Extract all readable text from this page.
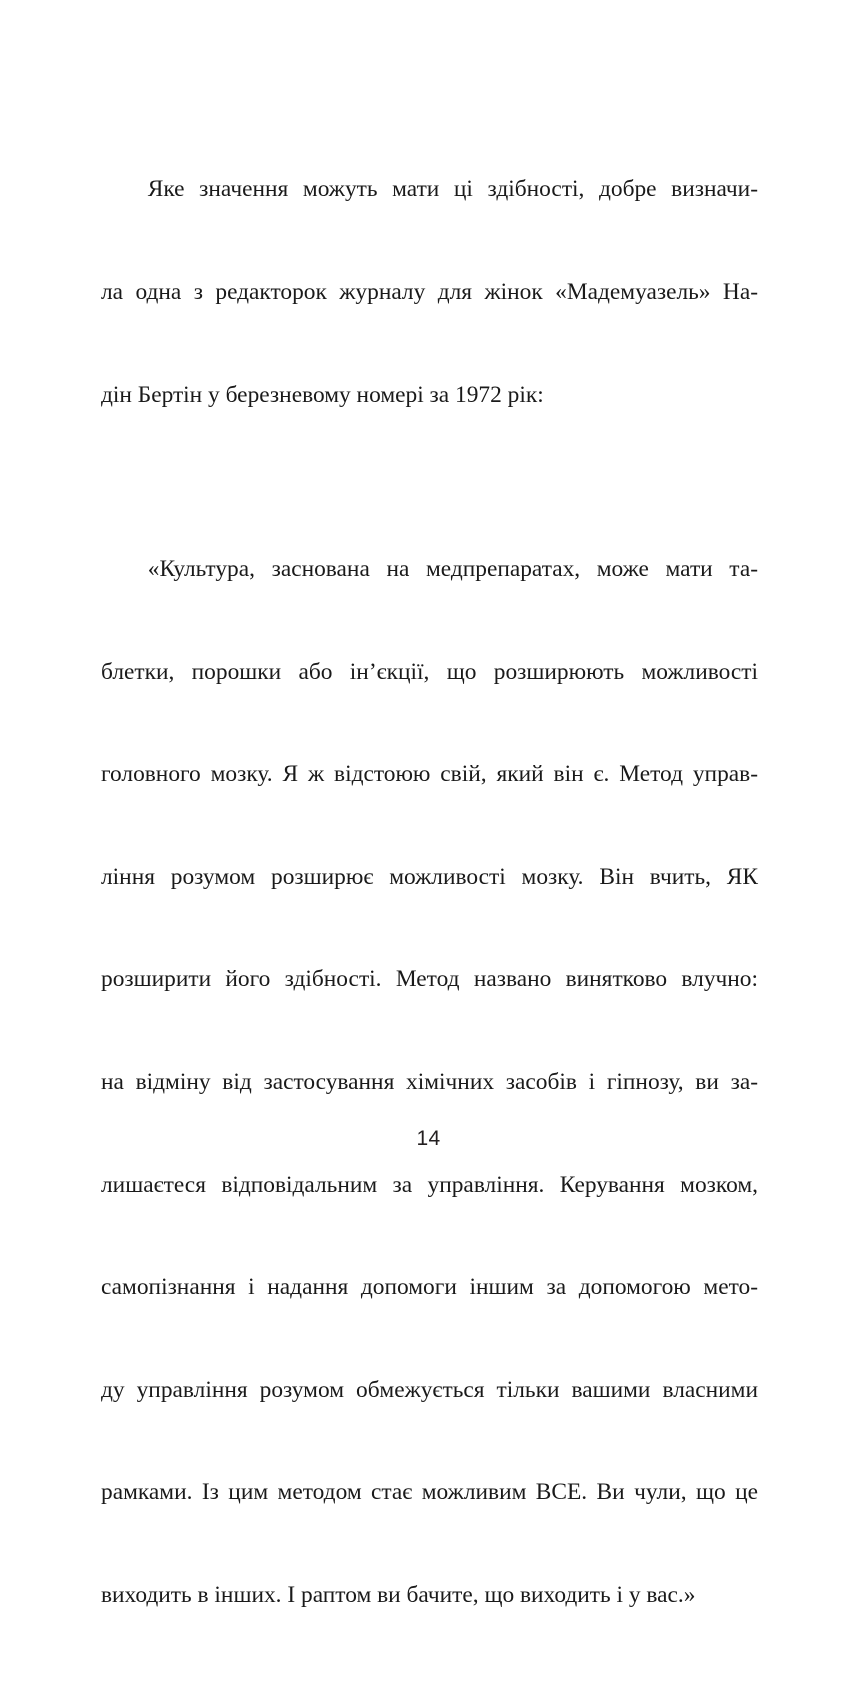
  Яке значення можуть мати ці здібності, добре визначи-

ла одна з редакторок журналу для жінок «Мадемуазель» На-

дін Бертін у березневому номері за 1972 рік:

  «Культура, заснована на медпрепаратах, може мати та-

блетки, порошки або ін’єкції, що розширюють можливості

головного мозку. Я ж відстоюю свій, який він є. Метод управ-

ління розумом розширює можливості мозку. Він вчить, ЯК

розширити його здібності. Метод названо винятково влучно:

на відміну від застосування хімічних засобів і гіпнозу, ви за-

лишаєтеся відповідальним за управління. Керування мозком,

самопізнання і надання допомоги іншим за допомогою мето-

ду управління розумом обмежується тільки вашими власними

рамками. Із цим методом стає можливим ВСЕ. Ви чули, що це

виходить в інших. І раптом ви бачите, що виходить і у вас.»

14
